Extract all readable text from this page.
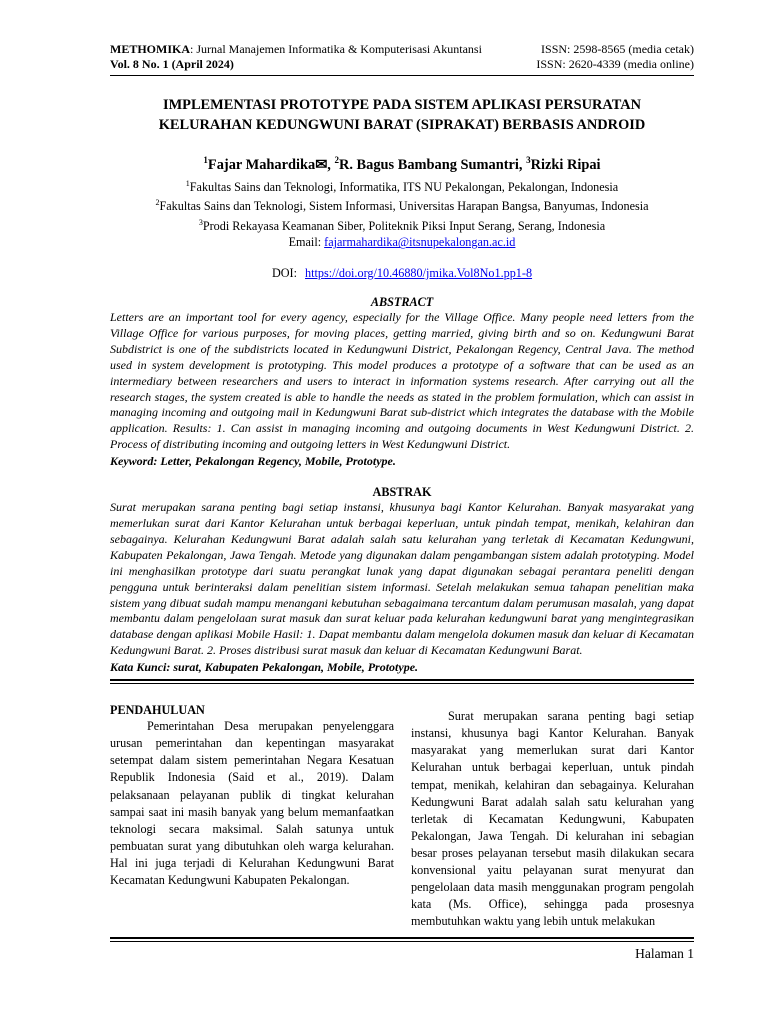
METHOMIKA: Jurnal Manajemen Informatika & Komputerisasi Akuntansi
Vol. 8 No. 1 (April 2024)
ISSN: 2598-8565 (media cetak)
ISSN: 2620-4339 (media online)
IMPLEMENTASI PROTOTYPE PADA SISTEM APLIKASI PERSURATAN
KELURAHAN KEDUNGWUNI BARAT (SIPRAKAT) BERBASIS ANDROID
$^1$Fajar Mahardika✉, $^2$R. Bagus Bambang Sumantri, $^3$Rizki Ripai
$^1$Fakultas Sains dan Teknologi, Informatika, ITS NU Pekalongan, Pekalongan, Indonesia
$^2$Fakultas Sains dan Teknologi, Sistem Informasi, Universitas Harapan Bangsa, Banyumas, Indonesia
$^3$Prodi Rekayasa Keamanan Siber, Politeknik Piksi Input Serang, Serang, Indonesia
Email: fajarmahardika@itsnupekalongan.ac.id
DOI: https://doi.org/10.46880/jmika.Vol8No1.pp1-8
ABSTRACT
Letters are an important tool for every agency, especially for the Village Office. Many people need letters from the Village Office for various purposes, for moving places, getting married, giving birth and so on. Kedungwuni Barat Subdistrict is one of the subdistricts located in Kedungwuni District, Pekalongan Regency, Central Java. The method used in system development is prototyping. This model produces a prototype of a software that can be used as an intermediary between researchers and users to interact in information systems research. After carrying out all the research stages, the system created is able to handle the needs as stated in the problem formulation, which can assist in managing incoming and outgoing mail in Kedungwuni Barat sub-district which integrates the database with the Mobile application. Results: 1. Can assist in managing incoming and outgoing documents in West Kedungwuni District. 2. Process of distributing incoming and outgoing letters in West Kedungwuni District.
Keyword: Letter, Pekalongan Regency, Mobile, Prototype.
ABSTRAK
Surat merupakan sarana penting bagi setiap instansi, khusunya bagi Kantor Kelurahan. Banyak masyarakat yang memerlukan surat dari Kantor Kelurahan untuk berbagai keperluan, untuk pindah tempat, menikah, kelahiran dan sebagainya. Kelurahan Kedungwuni Barat adalah salah satu kelurahan yang terletak di Kecamatan Kedungwuni, Kabupaten Pekalongan, Jawa Tengah. Metode yang digunakan dalam pengambangan sistem adalah prototyping. Model ini menghasilkan prototype dari suatu perangkat lunak yang dapat digunakan sebagai perantara peneliti dengan pengguna untuk berinteraksi dalam penelitian sistem informasi. Setelah melakukan semua tahapan penelitian maka sistem yang dibuat sudah mampu menangani kebutuhan sebagaimana tercantum dalam perumusan masalah, yang dapat membantu dalam pengelolaan surat masuk dan surat keluar pada kelurahan kedungwuni barat yang mengintegrasikan database dengan aplikasi Mobile Hasil: 1. Dapat membantu dalam mengelola dokumen masuk dan keluar di Kecamatan Kedungwuni Barat. 2. Proses distribusi surat masuk dan keluar di Kecamatan Kedungwuni Barat.
Kata Kunci: surat, Kabupaten Pekalongan, Mobile, Prototype.
PENDAHULUAN
Pemerintahan Desa merupakan penyelenggara urusan pemerintahan dan kepentingan masyarakat setempat dalam sistem pemerintahan Negara Kesatuan Republik Indonesia (Said et al., 2019). Dalam pelaksanaan pelayanan publik di tingkat kelurahan sampai saat ini masih banyak yang belum memanfaatkan teknologi secara maksimal. Salah satunya untuk pembuatan surat yang dibutuhkan oleh warga kelurahan. Hal ini juga terjadi di Kelurahan Kedungwuni Barat Kecamatan Kedungwuni Kabupaten Pekalongan.
Surat merupakan sarana penting bagi setiap instansi, khusunya bagi Kantor Kelurahan. Banyak masyarakat yang memerlukan surat dari Kantor Kelurahan untuk berbagai keperluan, untuk pindah tempat, menikah, kelahiran dan sebagainya. Kelurahan Kedungwuni Barat adalah salah satu kelurahan yang terletak di Kecamatan Kedungwuni, Kabupaten Pekalongan, Jawa Tengah. Di kelurahan ini sebagian besar proses pelayanan tersebut masih dilakukan secara konvensional yaitu pelayanan surat menyurat dan pengelolaan data masih menggunakan program pengolah kata (Ms. Office), sehingga pada prosesnya membutuhkan waktu yang lebih untuk melakukan
Halaman 1
